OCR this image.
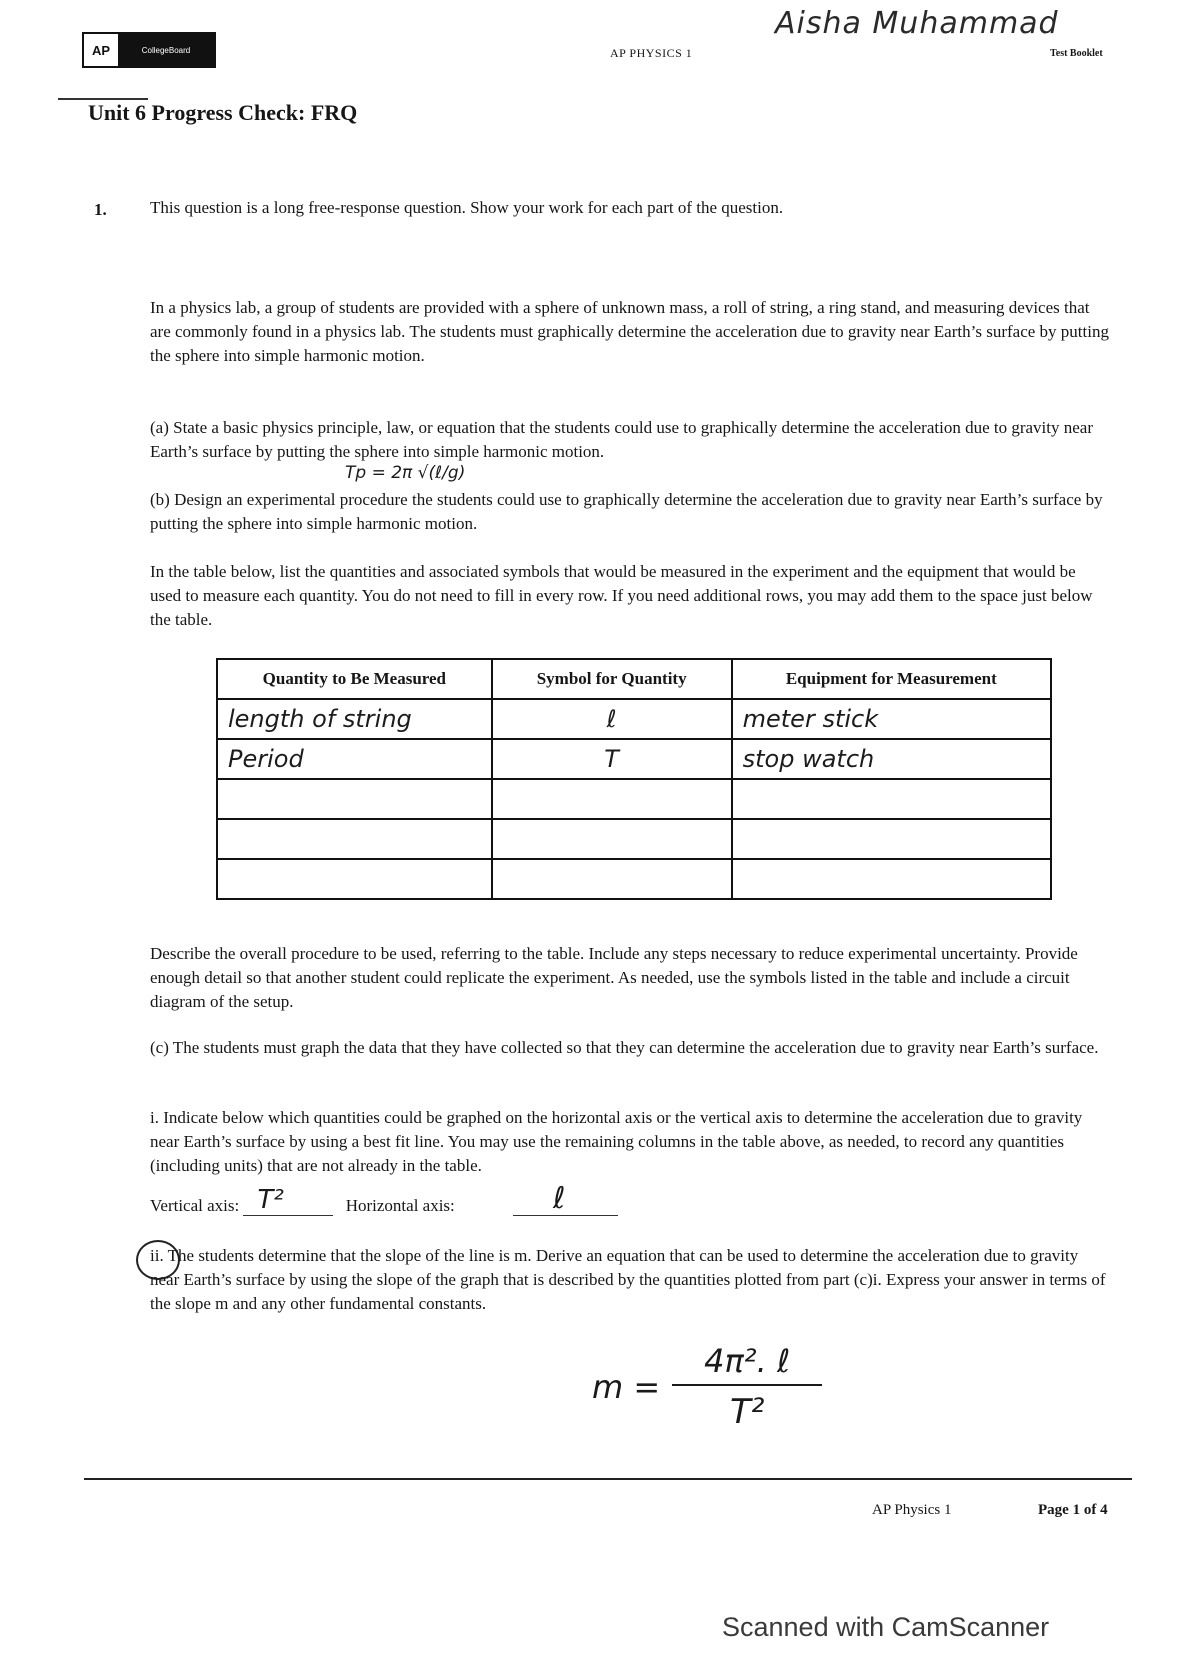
AP	CollegeBoard	AP PHYSICS 1	Test Booklet
Aisha Muhammad
Unit 6 Progress Check: FRQ
1.	This question is a long free-response question. Show your work for each part of the question.
In a physics lab, a group of students are provided with a sphere of unknown mass, a roll of string, a ring stand, and measuring devices that are commonly found in a physics lab. The students must graphically determine the acceleration due to gravity near Earth’s surface by putting the sphere into simple harmonic motion.
(a) State a basic physics principle, law, or equation that the students could use to graphically determine the acceleration due to gravity near Earth’s surface by putting the sphere into simple harmonic motion.
Tp = 2π √(ℓ/g)
(b) Design an experimental procedure the students could use to graphically determine the acceleration due to gravity near Earth’s surface by putting the sphere into simple harmonic motion.
In the table below, list the quantities and associated symbols that would be measured in the experiment and the equipment that would be used to measure each quantity. You do not need to fill in every row. If you need additional rows, you may add them to the space just below the table.
Quantity to Be Measured	Symbol for Quantity	Equipment for Measurement
length of string	ℓ	meter stick
Period	T	stop watch

Describe the overall procedure to be used, referring to the table. Include any steps necessary to reduce experimental uncertainty. Provide enough detail so that another student could replicate the experiment. As needed, use the symbols listed in the table and include a circuit diagram of the setup.
(c) The students must graph the data that they have collected so that they can determine the acceleration due to gravity near Earth’s surface.
i. Indicate below which quantities could be graphed on the horizontal axis or the vertical axis to determine the acceleration due to gravity near Earth’s surface by using a best fit line. You may use the remaining columns in the table above, as needed, to record any quantities (including units) that are not already in the table.
Vertical axis: T²	Horizontal axis:	ℓ
ii. The students determine that the slope of the line is m. Derive an equation that can be used to determine the acceleration due to gravity near Earth’s surface by using the slope of the graph that is described by the quantities plotted from part (c)i. Express your answer in terms of the slope m and any other fundamental constants.
$m = \frac{\text{4π². ℓ}}{\text{T²}}$
AP Physics 1	Page 1 of 4
Scanned with CamScanner
